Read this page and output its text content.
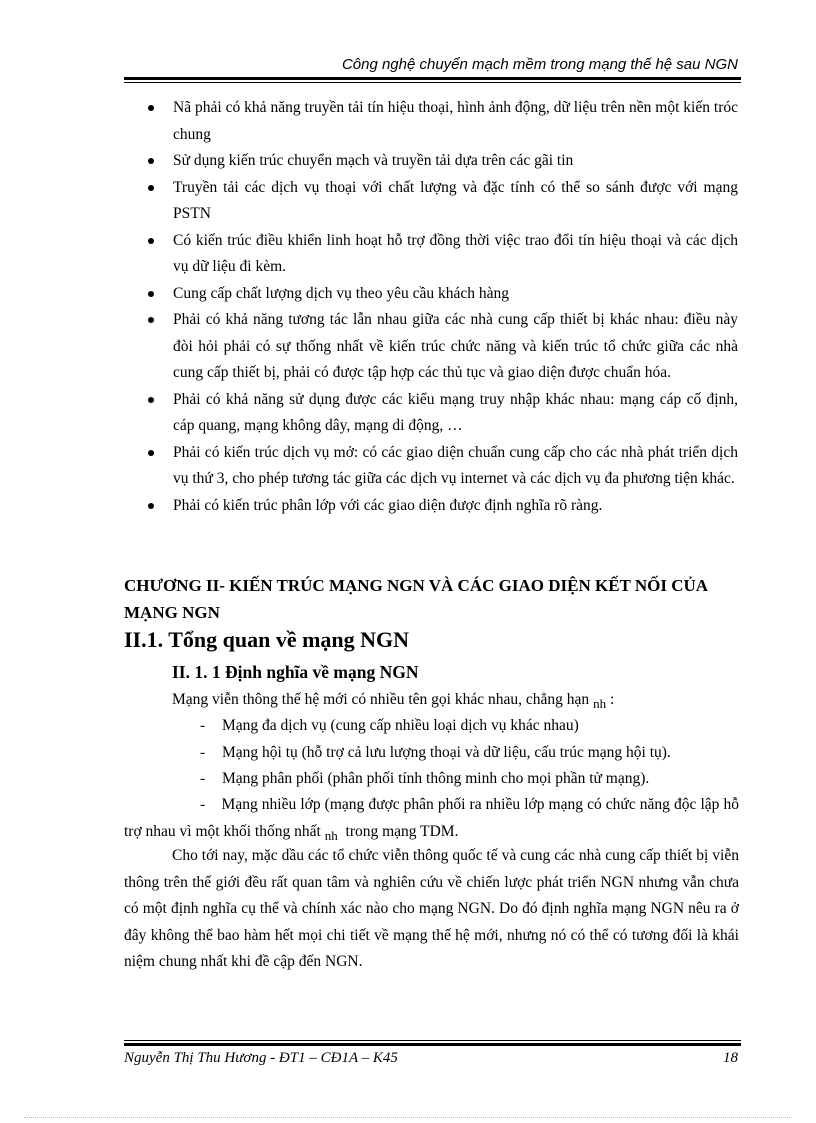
Công nghệ chuyển mạch mềm trong mạng thế hệ sau NGN
Nã phải có khả năng truyền tải tín hiệu thoại, hình ảnh động, dữ liệu trên nền một kiến tróc chung
Sử dụng kiến trúc chuyển mạch và truyền tải dựa trên các gãi tin
Truyền tải các dịch vụ thoại với chất lượng và đặc tính có thể so sánh được với mạng PSTN
Có kiến trúc điều khiển linh hoạt hỗ trợ đồng thời việc trao đổi tín hiệu thoại và các dịch vụ dữ liệu đi kèm.
Cung cấp chất lượng dịch vụ theo yêu cầu khách hàng
Phải có khả năng tương tác lẫn nhau giữa các nhà cung cấp thiết bị khác nhau: điều này đòi hỏi phải có sự thống nhất về kiến trúc chức năng và kiến trúc tổ chức giữa các nhà cung cấp thiết bị, phải có được tập hợp các thủ tục và giao diện được chuẩn hóa.
Phải có khả năng sử dụng được các kiểu mạng truy nhập khác nhau: mạng cáp cố định, cáp quang, mạng không dây, mạng di động, …
Phải có kiến trúc dịch vụ mở: có các giao diện chuẩn cung cấp cho các nhà phát triển dịch vụ thứ 3, cho phép tương tác giữa các dịch vụ internet và các dịch vụ đa phương tiện khác.
Phải có kiến trúc phân lớp với các giao diện được định nghĩa rõ ràng.
CHƯƠNG II- KIẾN TRÚC MẠNG NGN VÀ CÁC GIAO DIỆN KẾT NỐI CỦA MẠNG NGN
II.1. Tổng quan về mạng NGN
II. 1. 1 Định nghĩa về mạng NGN
Mạng viễn thông thế hệ mới có nhiều tên gọi khác nhau, chẳng hạn $_{nh}$ :
- Mạng đa dịch vụ (cung cấp nhiều loại dịch vụ khác nhau)
- Mạng hội tụ (hỗ trợ cả lưu lượng thoại và dữ liệu, cấu trúc mạng hội tụ).
- Mạng phân phối (phân phối tính thông minh cho mọi phần tử mạng).
- Mạng nhiều lớp (mạng được phân phối ra nhiều lớp mạng có chức năng độc lập hỗ trợ nhau vì một khối thống nhất $_{nh}$ trong mạng TDM.
Cho tới nay, mặc dầu các tổ chức viễn thông quốc tế và cung các nhà cung cấp thiết bị viễn thông trên thế giới đều rất quan tâm và nghiên cứu về chiến lược phát triển NGN nhưng vẫn chưa có một định nghĩa cụ thể và chính xác nào cho mạng NGN. Do đó định nghĩa mạng NGN nêu ra ở đây không thể bao hàm hết mọi chi tiết về mạng thế hệ mới, nhưng nó có thể có tương đối là khái niệm chung nhất khi đề cập đến NGN.
Nguyễn Thị Thu Hương - ĐT1 – CĐ1A – K45	18
